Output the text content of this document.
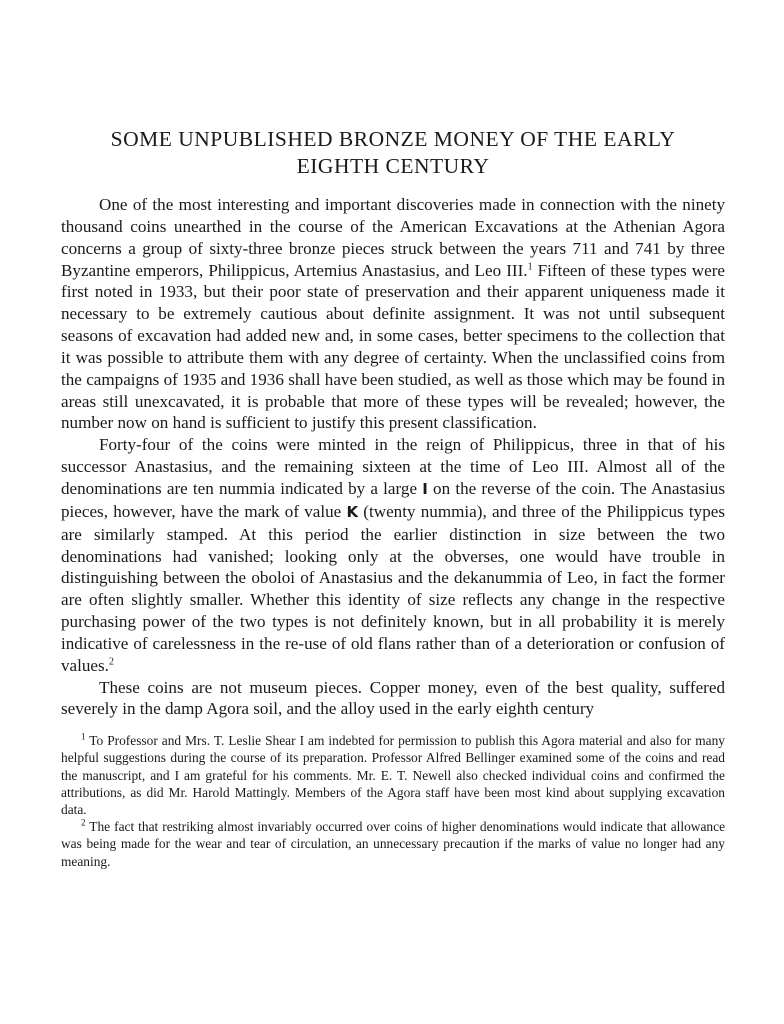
SOME UNPUBLISHED BRONZE MONEY OF THE EARLY
EIGHTH CENTURY

One of the most interesting and important discoveries made in connection with the ninety thousand coins unearthed in the course of the American Excavations at the Athenian Agora concerns a group of sixty-three bronze pieces struck between the years 711 and 741 by three Byzantine emperors, Philippicus, Artemius Anastasius, and Leo III.$^1$ Fifteen of these types were first noted in 1933, but their poor state of preservation and their apparent uniqueness made it necessary to be extremely cautious about definite assignment. It was not until subsequent seasons of excavation had added new and, in some cases, better specimens to the collection that it was possible to attribute them with any degree of certainty. When the unclassified coins from the campaigns of 1935 and 1936 shall have been studied, as well as those which may be found in areas still unexcavated, it is probable that more of these types will be revealed; however, the number now on hand is sufficient to justify this present classification.

Forty-four of the coins were minted in the reign of Philippicus, three in that of his successor Anastasius, and the remaining sixteen at the time of Leo III. Almost all of the denominations are ten nummia indicated by a large I on the reverse of the coin. The Anastasius pieces, however, have the mark of value K (twenty nummia), and three of the Philippicus types are similarly stamped. At this period the earlier distinction in size between the two denominations had vanished; looking only at the obverses, one would have trouble in distinguishing between the oboloi of Anastasius and the dekanummia of Leo, in fact the former are often slightly smaller. Whether this identity of size reflects any change in the respective purchasing power of the two types is not definitely known, but in all probability it is merely indicative of carelessness in the re-use of old flans rather than of a deterioration or confusion of values.$^2$

These coins are not museum pieces. Copper money, even of the best quality, suffered severely in the damp Agora soil, and the alloy used in the early eighth century

$^1$ To Professor and Mrs. T. Leslie Shear I am indebted for permission to publish this Agora material and also for many helpful suggestions during the course of its preparation. Professor Alfred Bellinger examined some of the coins and read the manuscript, and I am grateful for his comments. Mr. E. T. Newell also checked individual coins and confirmed the attributions, as did Mr. Harold Mattingly. Members of the Agora staff have been most kind about supplying excavation data.

$^2$ The fact that restriking almost invariably occurred over coins of higher denominations would indicate that allowance was being made for the wear and tear of circulation, an unnecessary precaution if the marks of value no longer had any meaning.
